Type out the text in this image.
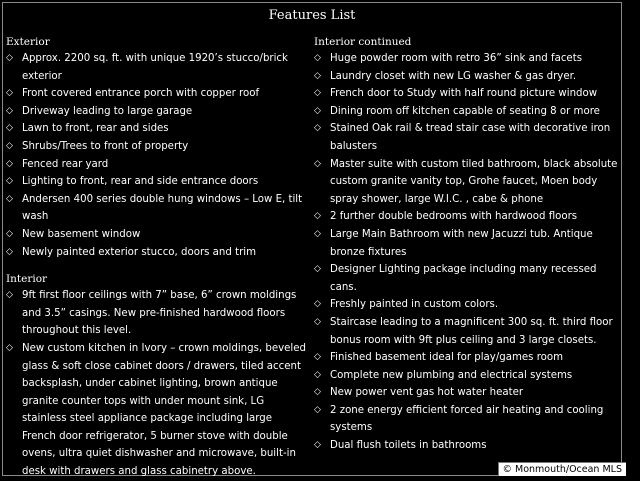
Features List
Exterior
◇ Approx. 2200 sq. ft. with unique 1920’s stucco/brick exterior
◇ Front covered entrance porch with copper roof
◇ Driveway leading to large garage
◇ Lawn to front, rear and sides
◇ Shrubs/Trees to front of property
◇ Fenced rear yard
◇ Lighting to front, rear and side entrance doors
◇ Andersen 400 series double hung windows – Low E, tilt wash
◇ New basement window
◇ Newly painted exterior stucco, doors and trim
Interior
◇ 9ft first floor ceilings with 7” base, 6” crown moldings and 3.5” casings. New pre-finished hardwood floors throughout this level.
◇ New custom kitchen in Ivory – crown moldings, beveled glass & soft close cabinet doors / drawers, tiled accent backsplash, under cabinet lighting, brown antique granite counter tops with under mount sink, LG stainless steel appliance package including large French door refrigerator, 5 burner stove with double ovens, ultra quiet dishwasher and microwave, built-in desk with drawers and glass cabinetry above.
Interior continued
◇ Huge powder room with retro 36” sink and facets
◇ Laundry closet with new LG washer & gas dryer.
◇ French door to Study with half round picture window
◇ Dining room off kitchen capable of seating 8 or more
◇ Stained Oak rail & tread stair case with decorative iron balusters
◇ Master suite with custom tiled bathroom, black absolute custom granite vanity top, Grohe faucet, Moen body spray shower, large W.I.C. , cabe & phone
◇ 2 further double bedrooms with hardwood floors
◇ Large Main Bathroom with new Jacuzzi tub. Antique bronze fixtures
◇ Designer Lighting package including many recessed cans.
◇ Freshly painted in custom colors.
◇ Staircase leading to a magnificent 300 sq. ft. third floor bonus room with 9ft plus ceiling and 3 large closets.
◇ Finished basement ideal for play/games room
◇ Complete new plumbing and electrical systems
◇ New power vent gas hot water heater
◇ 2 zone energy efficient forced air heating and cooling systems
◇ Dual flush toilets in bathrooms
© Monmouth/Ocean MLS
